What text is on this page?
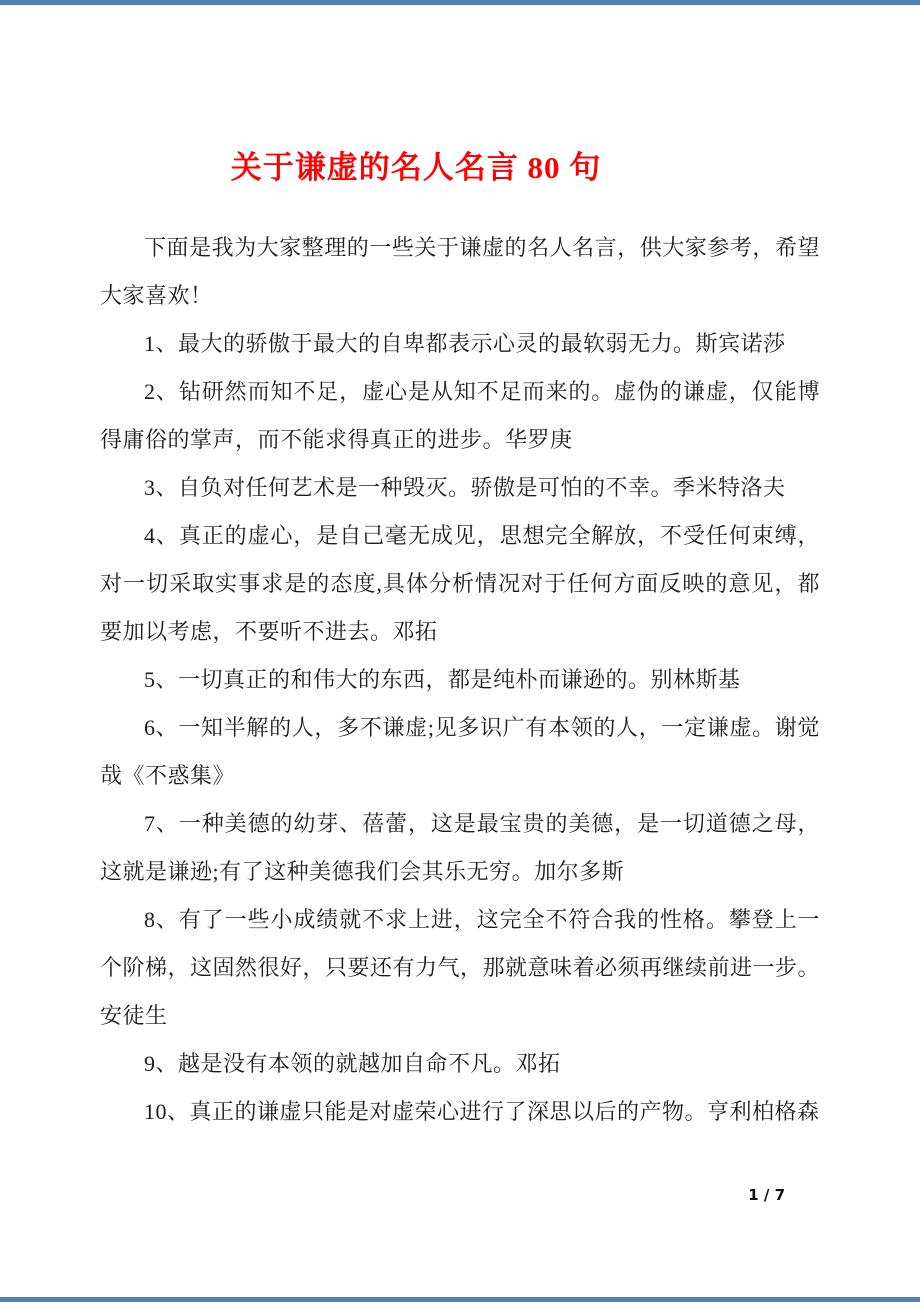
关于谦虚的名人名言 80 句

下面是我为大家整理的一些关于谦虚的名人名言，供大家参考，希望大家喜欢！

1、最大的骄傲于最大的自卑都表示心灵的最软弱无力。斯宾诺莎

2、钻研然而知不足，虚心是从知不足而来的。虚伪的谦虚，仅能博得庸俗的掌声，而不能求得真正的进步。华罗庚

3、自负对任何艺术是一种毁灭。骄傲是可怕的不幸。季米特洛夫

4、真正的虚心，是自己毫无成见，思想完全解放，不受任何束缚，对一切采取实事求是的态度,具体分析情况对于任何方面反映的意见，都要加以考虑，不要听不进去。邓拓

5、一切真正的和伟大的东西，都是纯朴而谦逊的。别林斯基

6、一知半解的人，多不谦虚;见多识广有本领的人，一定谦虚。谢觉哉《不惑集》

7、一种美德的幼芽、蓓蕾，这是最宝贵的美德，是一切道德之母，这就是谦逊;有了这种美德我们会其乐无穷。加尔多斯

8、有了一些小成绩就不求上进，这完全不符合我的性格。攀登上一个阶梯，这固然很好，只要还有力气，那就意味着必须再继续前进一步。安徒生

9、越是没有本领的就越加自命不凡。邓拓

10、真正的谦虚只能是对虚荣心进行了深思以后的产物。亨利柏格森

1 / 7
